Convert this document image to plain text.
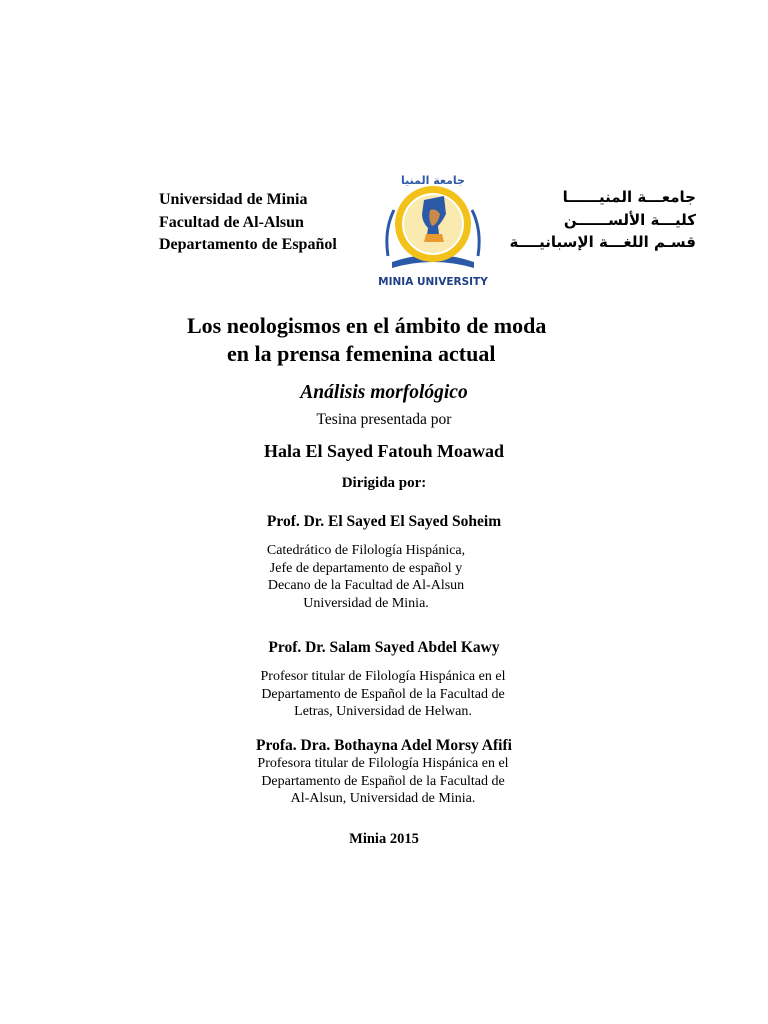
Universidad de Minia
Facultad de Al-Alsun
Departamento de Español
جامعة المنيا
MINIA UNIVERSITY
جامعـــة المنيــــــا
كليـــة الألســــــن
قسـم اللغـــة الإسبانيــــة
Los neologismos en el ámbito de moda
en la prensa femenina actual
Análisis morfológico
Tesina presentada por
Hala El Sayed Fatouh Moawad
Dirigida por:
Prof. Dr. El Sayed El Sayed Soheim
Catedrático de Filología Hispánica,
Jefe de departamento de español y
Decano de la Facultad de Al-Alsun
Universidad de Minia.
Prof. Dr. Salam Sayed Abdel Kawy
Profesor titular de Filología Hispánica en el
Departamento de Español de la Facultad de
Letras, Universidad de Helwan.
Profa. Dra. Bothayna Adel Morsy Afifi
Profesora titular de Filología Hispánica en el
Departamento de Español de la Facultad de
Al-Alsun, Universidad de Minia.
Minia 2015
